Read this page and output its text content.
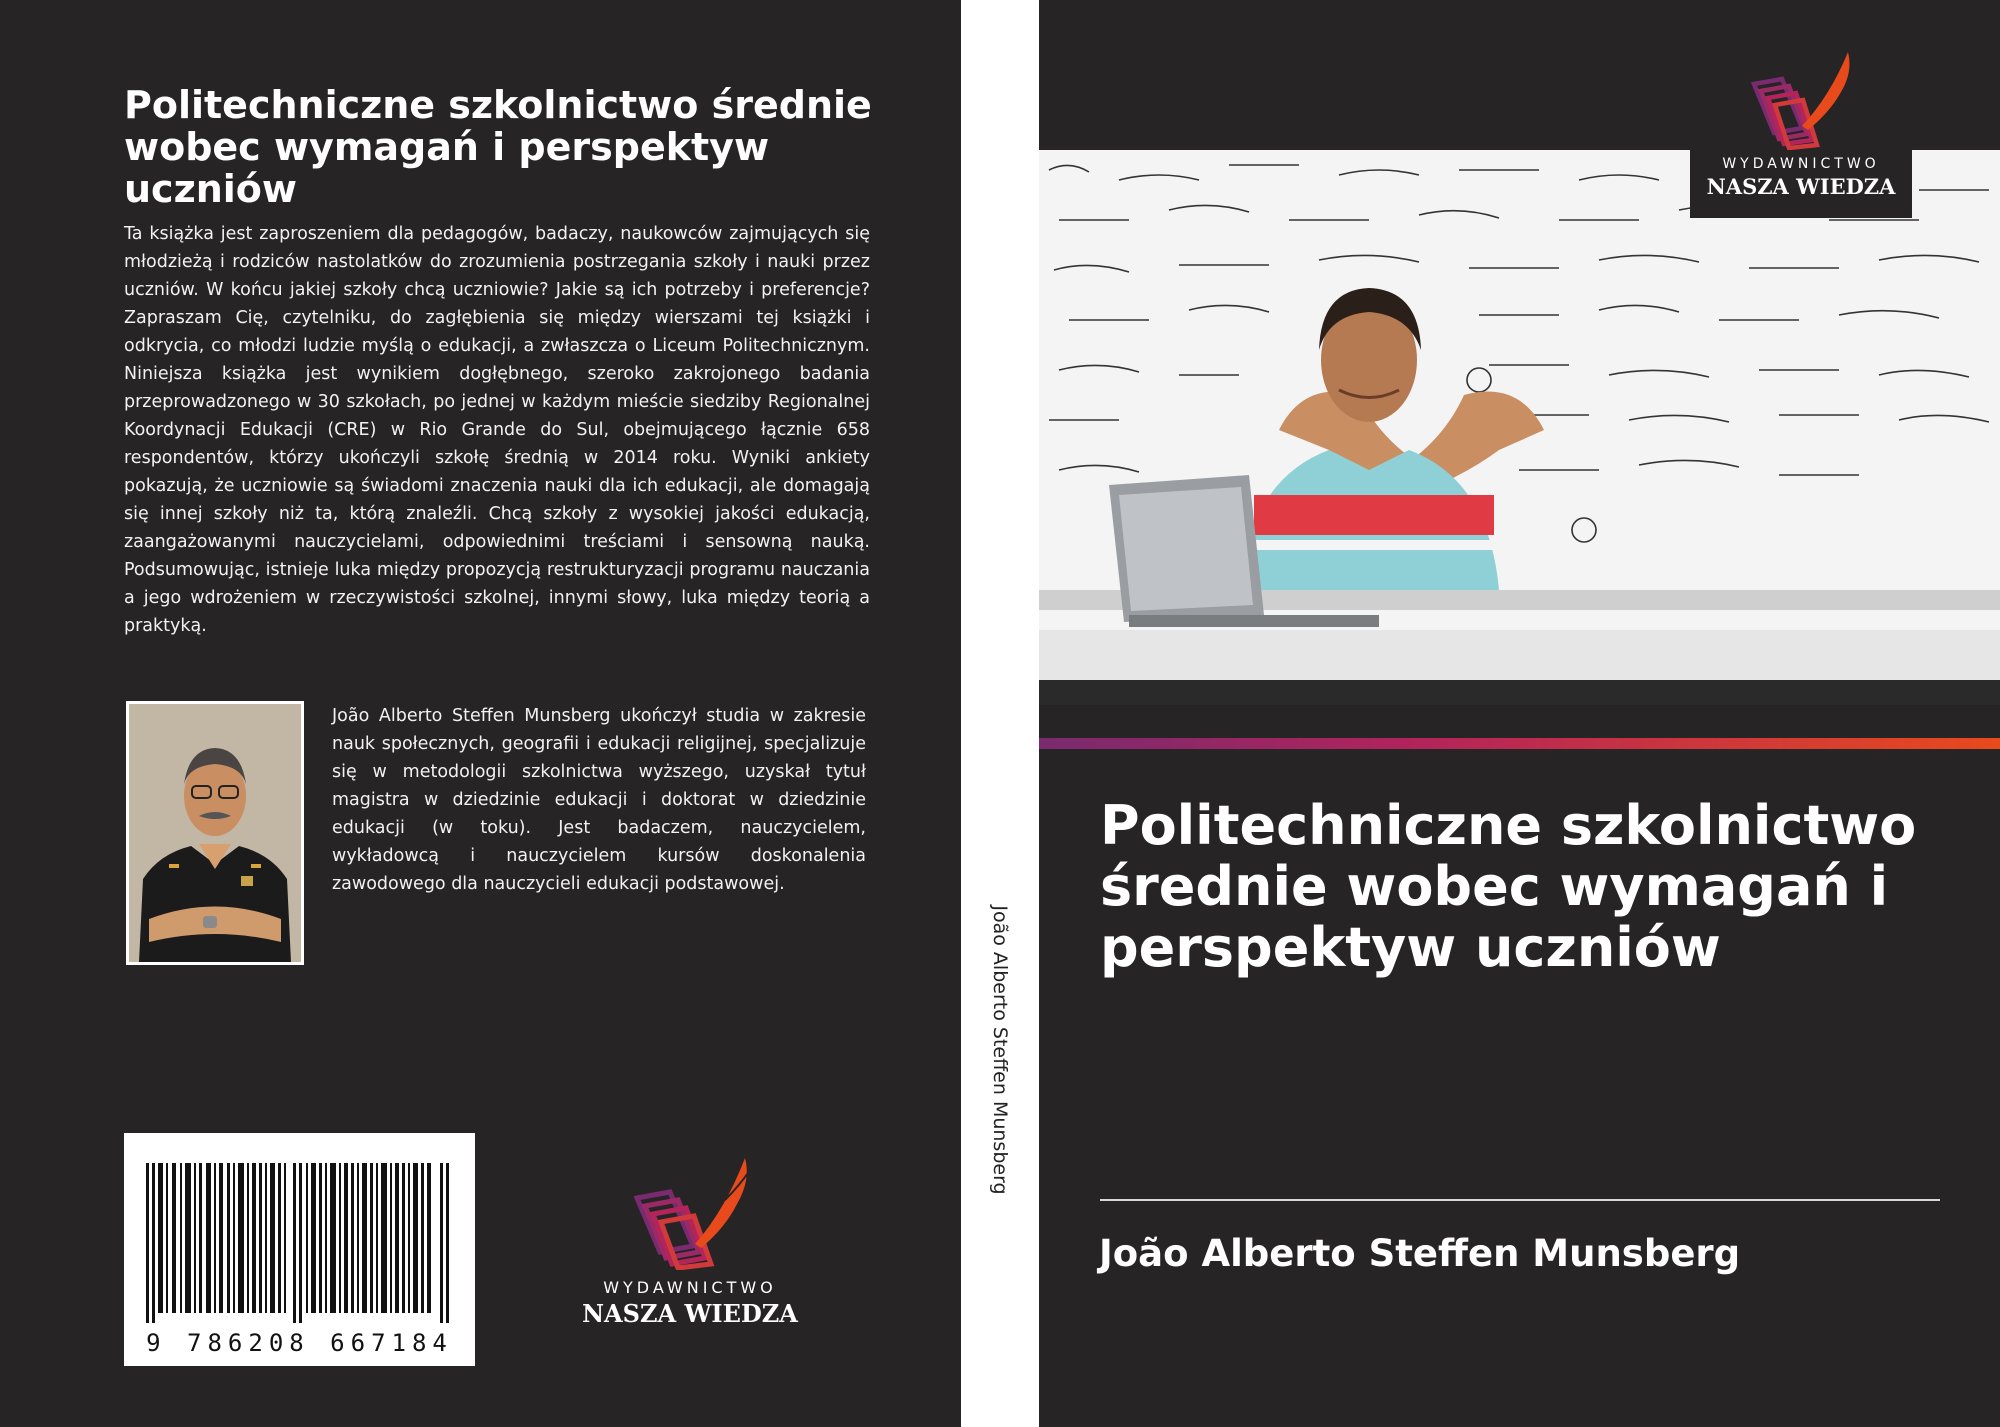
Politechniczne szkolnictwo średnie wobec wymagań i perspektyw uczniów

Ta książka jest zaproszeniem dla pedagogów, badaczy, naukowców zajmujących się młodzieżą i rodziców nastolatków do zrozumienia postrzegania szkoły i nauki przez uczniów. W końcu jakiej szkoły chcą uczniowie? Jakie są ich potrzeby i preferencje? Zapraszam Cię, czytelniku, do zagłębienia się między wierszami tej książki i odkrycia, co młodzi ludzie myślą o edukacji, a zwłaszcza o Liceum Politechnicznym. Niniejsza książka jest wynikiem dogłębnego, szeroko zakrojonego badania przeprowadzonego w 30 szkołach, po jednej w każdym mieście siedziby Regionalnej Koordynacji Edukacji (CRE) w Rio Grande do Sul, obejmującego łącznie 658 respondentów, którzy ukończyli szkołę średnią w 2014 roku. Wyniki ankiety pokazują, że uczniowie są świadomi znaczenia nauki dla ich edukacji, ale domagają się innej szkoły niż ta, którą znaleźli. Chcą szkoły z wysokiej jakości edukacją, zaangażowanymi nauczycielami, odpowiednimi treściami i sensowną nauką. Podsumowując, istnieje luka między propozycją restrukturyzacji programu nauczania a jego wdrożeniem w rzeczywistości szkolnej, innymi słowy, luka między teorią a praktyką.

João Alberto Steffen Munsberg ukończył studia w zakresie nauk społecznych, geografii i edukacji religijnej, specjalizuje się w metodologii szkolnictwa wyższego, uzyskał tytuł magistra w dziedzinie edukacji i doktorat w dziedzinie edukacji (w toku). Jest badaczem, nauczycielem, wykładowcą i nauczycielem kursów doskonalenia zawodowego dla nauczycieli edukacji podstawowej.

9 786208 667184
WYDAWNICTWO
NASZA WIEDZA
João Alberto Steffen Munsberg
WYDAWNICTWO
NASZA WIEDZA
Politechniczne szkolnictwo średnie wobec wymagań i perspektyw uczniów
João Alberto Steffen Munsberg
